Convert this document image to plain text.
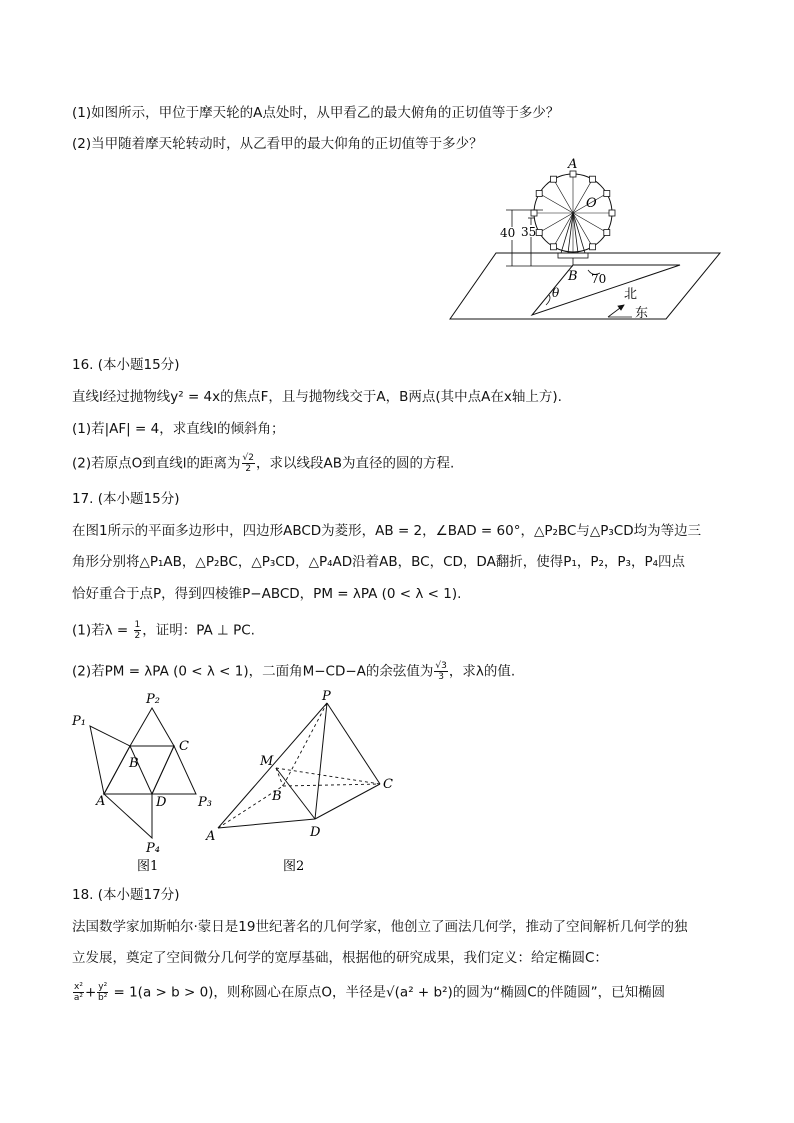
(1)如图所示，甲位于摩天轮的A点处时，从甲看乙的最大俯角的正切值等于多少？
(2)当甲随着摩天轮转动时，从乙看甲的最大仰角的正切值等于多少？
A
O
40 35
B 70
θ	北
东
16. (本小题15分)
直线l经过抛物线y² = 4x的焦点F，且与抛物线交于A，B两点(其中点A在x轴上方).
(1)若|AF| = 4，求直线l的倾斜角；
(2)若原点O到直线l的距离为 $\frac{√2}{2}$ ，求以线段AB为直径的圆的方程.
17. (本小题15分)
在图1所示的平面多边形中，四边形ABCD为菱形，AB = 2，∠BAD = 60°，△P₂BC与△P₃CD均为等边三
角形分别将△P₁AB，△P₂BC，△P₃CD，△P₄AD沿着AB，BC，CD，DA翻折，使得P₁，P₂，P₃，P₄四点
恰好重合于点P，得到四棱锥P−ABCD，PM = λPA (0 < λ < 1).
(1)若$\lambda = \frac{1}{2}$ ，证明：PA ⊥ PC.
(2)若PM = λPA (0 < λ < 1)，二面角M−CD−A的余弦值为 $\frac{√3}{3}$ ，求λ的值.
P₁
P₂
C
B
A	D P₃
P₄
图1
P
M
C
B
A	D
图2
18. (本小题17分)
法国数学家加斯帕尔·蒙日是19世纪著名的几何学家，他创立了画法几何学，推动了空间解析几何学的独
立发展，奠定了空间微分几何学的宽厚基础，根据他的研究成果，我们定义：给定椭圆C：
$\frac{\text{x²}}{\text{a²}} + \frac{\text{y²}}{\text{b²}} = 1(a > b > 0)$，则称圆心在原点O，半径是√(a² + b²)的圆为“椭圆C的伴随圆”，已知椭圆
